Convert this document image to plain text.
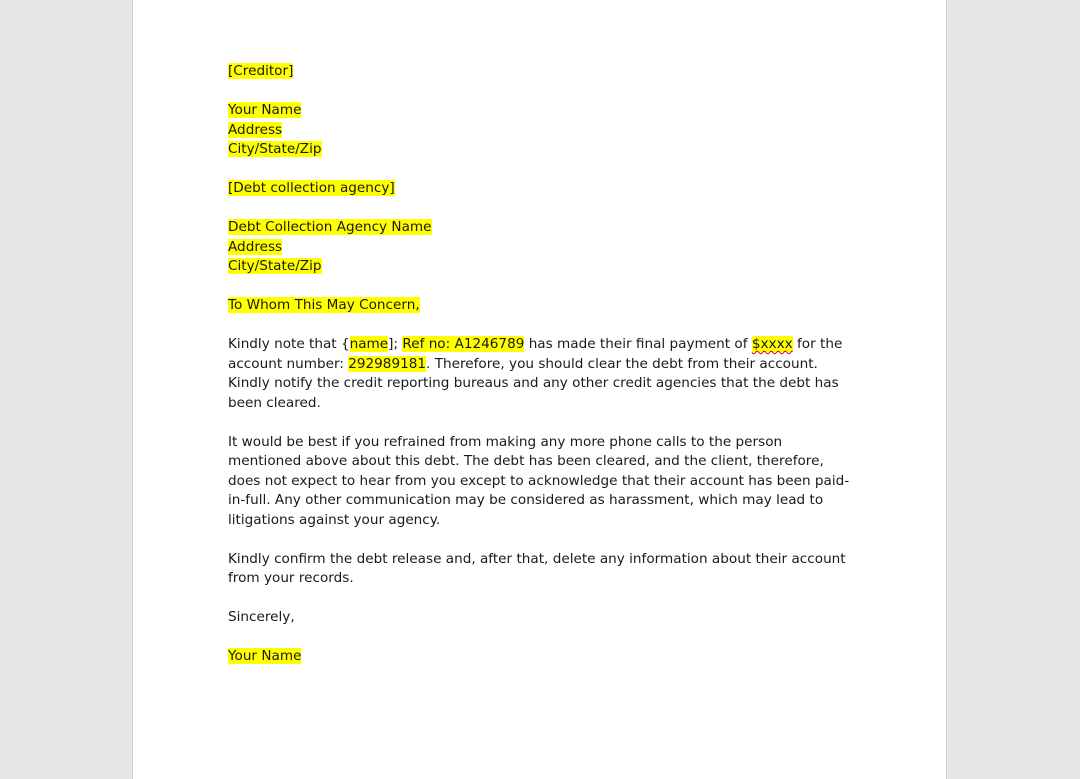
[Creditor]
Your Name
Address
City/State/Zip
[Debt collection agency]
Debt Collection Agency Name
Address
City/State/Zip
To Whom This May Concern,
Kindly note that {name]; Ref no: A1246789 has made their final payment of $xxxx for the account number: 292989181. Therefore, you should clear the debt from their account. Kindly notify the credit reporting bureaus and any other credit agencies that the debt has been cleared.
It would be best if you refrained from making any more phone calls to the person mentioned above about this debt. The debt has been cleared, and the client, therefore, does not expect to hear from you except to acknowledge that their account has been paid-in-full. Any other communication may be considered as harassment, which may lead to litigations against your agency.
Kindly confirm the debt release and, after that, delete any information about their account from your records.
Sincerely,
Your Name
